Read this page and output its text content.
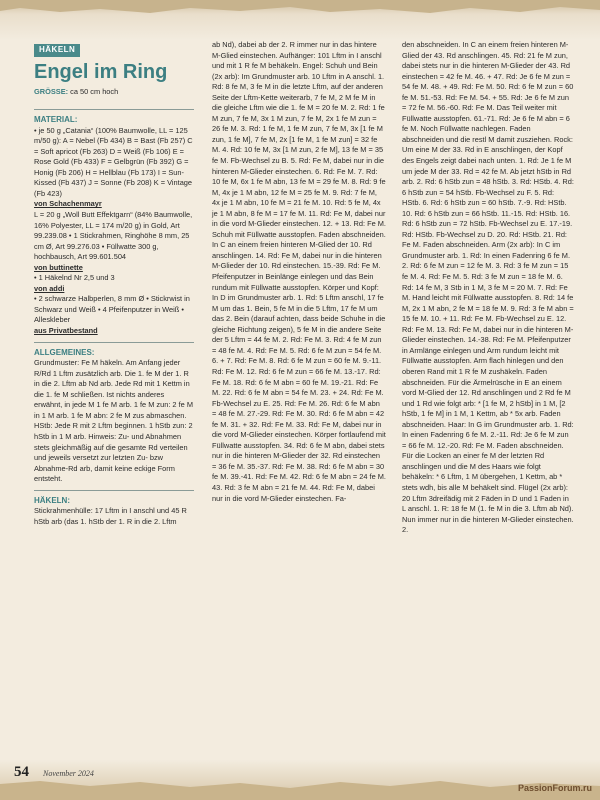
HÄKELN
Engel im Ring
GRÖSSE: ca 50 cm hoch

MATERIAL:

• je 50 g „Catania“ (100% Baumwolle, LL = 125 m/50 g): A = Nebel (Fb 434) B = Bast (Fb 257) C = Soft apricot (Fb 263) D = Weiß (Fb 106) E = Rose Gold (Fb 433) F = Gelbgrün (Fb 392) G = Honig (Fb 206) H = Hellblau (Fb 173) I = Sun-Kissed (Fb 437) J = Sonne (Fb 208) K = Vintage (Fb 423)

von Schachenmayr

L = 20 g „Woll Butt Effektgarn“ (84% Baumwolle, 16% Polyester, LL = 174 m/20 g) in Gold, Art 99.239.08 • 1 Stickrahmen, Ringhöhe 8 mm, 25 cm Ø, Art 99.276.03 • Füllwatte 300 g, hochbausch, Art 99.601.504

von buttinette

• 1 Häkelnd Nr 2,5 und 3

von addi

• 2 schwarze Halbperlen, 8 mm Ø • Stickrwist in Schwarz und Weiß • 4 Pfeifenputzer in Weiß • Allesklеber

aus Privatbestand

ALLGEMEINES:

Grundmuster: Fe M häkeln. Am Anfang jeder R/Rd 1 Lftm zusätzlich arb. Die 1. fe M der 1. R in die 2. Lftm ab Nd arb. Jede Rd mit 1 Kettm in die 1. fe M schließen. Ist nichts anderes erwähnt, in jede M 1 fe M arb. 1 fe M zun: 2 fe M in 1 M arb. 1 fe M abn: 2 fe M zus abmaschen. HStb: Jede R mit 2 Lftm beginnen. 1 hStb zun: 2 hStb in 1 M arb. Hinweis: Zu- und Abnahmen stets gleichmäßig auf die gesamte Rd verteilen und jeweils versetzt zur letzten Zu- bzw Abnahme-Rd arb, damit keine eckige Form entsteht.

HÄKELN:

Stickrahmenhülle: 17 Lftm in I anschl und 45 R hStb arb (das 1. hStb der 1. R in die 2. Lftm

ab Nd), dabei ab der 2. R immer nur in das hintere M-Glied einstechen. Aufhänger: 101 Lftm in I anschl und mit 1 R fe M behäkeln. Engel: Schuh und Bein (2x arb): Im Grundmuster arb. 10 Lftm in A anschl. 1. Rd: 8 fe M, 3 fe M in die letzte Lftm, auf der anderen Seite der Lftm-Kette weiterarb, 7 fe M, 2 M fe M in die gleiche Lftm wie die 1. fe M = 20 fe M. 2. Rd: 1 fe M zun, 7 fe M, 3x 1 M zun, 7 fe M, 2x 1 fe M zun = 26 fe M. 3. Rd: 1 fe M, 1 fe M zun, 7 fe M, 3x [1 fe M zun, 1 fe M], 7 fe M, 2x [1 fe M, 1 fe M zun] = 32 fe M. 4. Rd: 10 fe M, 3x [1 M zun, 2 fe M], 13 fe M = 35 fe M. Fb-Wechsel zu B. 5. Rd: Fe M, dabei nur in die hinteren M-Glieder einstechen. 6. Rd: Fe M. 7. Rd: 10 fe M, 6x 1 fe M abn, 13 fe M = 29 fe M. 8. Rd: 9 fe M, 4x je 1 M abn, 12 fe M = 25 fe M. 9. Rd: 7 fe M, 4x je 1 M abn, 10 fe M = 21 fe M. 10. Rd: 5 fe M, 4x je 1 M abn, 8 fe M = 17 fe M. 11. Rd: Fe M, dabei nur in die vord M-Glieder einstechen. 12. + 13. Rd: Fe M. Schuh mit Füllwatte ausstopfen. Faden abschneiden. In C an einem freien hinteren M-Glied der 10. Rd anschlingen. 14. Rd: Fe M, dabei nur in die hinteren M-Glieder der 10. Rd einstechen. 15.-39. Rd: Fe M. Pfeifenputzer in Beinlänge einlegen und das Bein rundum mit Füllwatte ausstopfen. Körper und Kopf: In D im Grundmuster arb. 1. Rd: 5 Lftm anschl, 17 fe M um das 1. Bein, 5 fe M in die 5 Lftm, 17 fe M um das 2. Bein (darauf achten, dass beide Schuhe in die gleiche Richtung zeigen), 5 fe M in die andere Seite der 5 Lftm = 44 fe M. 2. Rd: Fe M. 3. Rd: 4 fe M zun = 48 fe M. 4. Rd: Fe M. 5. Rd: 6 fe M zun = 54 fe M. 6. + 7. Rd: Fe M. 8. Rd: 6 fe M zun = 60 fe M. 9.-11. Rd: Fe M. 12. Rd: 6 fe M zun = 66 fe M. 13.-17. Rd: Fe M. 18. Rd: 6 fe M abn = 60 fe M. 19.-21. Rd: Fe M. 22. Rd: 6 fe M abn = 54 fe M. 23. + 24. Rd: Fe M. Fb-Wechsel zu E. 25. Rd: Fe M. 26. Rd: 6 fe M abn = 48 fe M. 27.-29. Rd: Fe M. 30. Rd: 6 fe M abn = 42 fe M. 31. + 32. Rd: Fe M. 33. Rd: Fe M, dabei nur in die vord M-Glieder einstechen. Körper fortlaufend mit Füllwatte ausstopfen. 34. Rd: 6 fe M abn, dabei stets nur in die hinteren M-Glieder der 32. Rd einstechen = 36 fe M. 35.-37. Rd: Fe M. 38. Rd: 6 fe M abn = 30 fe M. 39.-41. Rd: Fe M. 42. Rd: 6 fe M abn = 24 fe M. 43. Rd: 3 fe M abn = 21 fe M. 44. Rd: Fe M, dabei nur in die vord M-Glieder einstechen. Fa-

den abschneiden. In C an einem freien hinteren M-Glied der 43. Rd anschlingen. 45. Rd: 21 fe M zun, dabei stets nur in die hinteren M-Glieder der 43. Rd einstechen = 42 fe M. 46. + 47. Rd: Je 6 fe M zun = 54 fe M. 48. + 49. Rd: Fe M. 50. Rd: 6 fe M zun = 60 fe M. 51.-53. Rd: Fe M. 54. + 55. Rd: Je 6 fe M zun = 72 fe M. 56.-60. Rd: Fe M. Das Teil weiter mit Füllwatte ausstopfen. 61.-71. Rd: Je 6 fe M abn = 6 fe M. Noch Füllwatte nachlegen. Faden abschneiden und die restl M damit zusziehen. Rock: Um eine M der 33. Rd in E anschlingen, der Kopf des Engels zeigt dabei nach unten. 1. Rd: Je 1 fe M um jede M der 33. Rd = 42 fe M. Ab jetzt hStb in Rd arb. 2. Rd: 6 hStb zun = 48 hStb. 3. Rd: HStb. 4. Rd: 6 hStb zun = 54 hStb. Fb-Wechsel zu F. 5. Rd: HStb. 6. Rd: 6 hStb zun = 60 hStb. 7.-9. Rd: HStb. 10. Rd: 6 hStb zun = 66 hStb. 11.-15. Rd: HStb. 16. Rd: 6 hStb zun = 72 hStb. Fb-Wechsel zu E. 17.-19. Rd: HStb. Fb-Wechsel zu D. 20. Rd: HStb. 21. Rd: Fe M. Faden abschneiden. Arm (2x arb): In C im Grundmuster arb. 1. Rd: In einen Fadenring 6 fe M. 2. Rd: 6 fe M zun = 12 fe M. 3. Rd: 3 fe M zun = 15 fe M. 4. Rd: Fe M. 5. Rd: 3 fe M zun = 18 fe M. 6. Rd: 14 fe M, 3 Stb in 1 M, 3 fe M = 20 M. 7. Rd: Fe M. Hand leicht mit Füllwatte ausstopfen. 8. Rd: 14 fe M, 2x 1 M abn, 2 fe M = 18 fe M. 9. Rd: 3 fe M abn = 15 fe M. 10. + 11. Rd: Fe M. Fb-Wechsel zu E. 12. Rd: Fe M. 13. Rd: Fe M, dabei nur in die hinteren M-Glieder einstechen. 14.-38. Rd: Fe M. Pfeifenputzer in Armlänge einlegen und Arm rundum leicht mit Füllwatte ausstopfen. Arm flach hinlegen und den oberen Rand mit 1 R fe M zushäkeln. Faden abschneiden. Für die Ärmelrüsche in E an einem vord M-Glied der 12. Rd anschlingen und 2 Rd fe M und 1 Rd wie folgt arb: * [1 fe M, 2 hStb] in 1 M, [2 hStb, 1 fe M] in 1 M, 1 Kettm, ab * 5x arb. Faden abschneiden. Haar: In G im Grundmuster arb. 1. Rd: In einen Fadenring 6 fe M. 2.-11. Rd: Je 6 fe M zun = 66 fe M. 12.-20. Rd: Fe M. Faden abschneiden. Für die Locken an einer fe M der letzten Rd anschlingen und die M des Haars wie folgt behäkeln: * 6 Lftm, 1 M übergehen, 1 Kettm, ab * stets wdh, bis alle M behäkelt sind. Flügel (2x arb): 20 Lftm 3dreifädig mit 2 Fäden in D und 1 Faden in L anschl. 1. R: 18 fe M (1. fe M in die 3. Lftm ab Nd). Nun immer nur in die hinteren M-Glieder einstechen. 2.

54 November 2024
PassionForum.ru
